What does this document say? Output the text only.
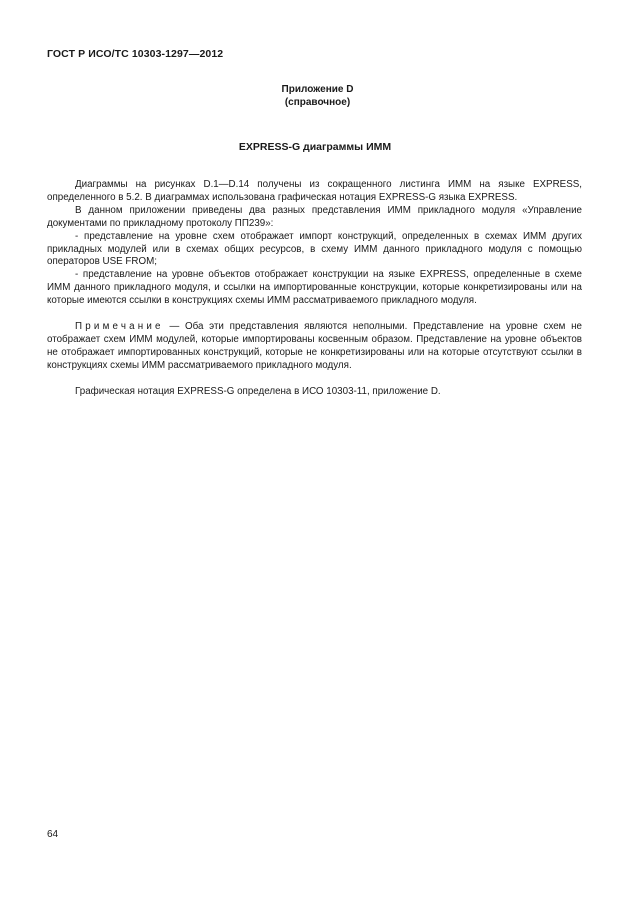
ГОСТ Р ИСО/ТС 10303-1297—2012
Приложение D
(справочное)
EXPRESS-G диаграммы ИММ

Диаграммы на рисунках D.1—D.14 получены из сокращенного листинга ИММ на языке EXPRESS, определенного в 5.2. В диаграммах использована графическая нотация EXPRESS-G языка EXPRESS.

В данном приложении приведены два разных представления ИММ прикладного модуля «Управление документами по прикладному протоколу ПП239»:

- представление на уровне схем отображает импорт конструкций, определенных в схемах ИММ других прикладных модулей или в схемах общих ресурсов, в схему ИММ данного прикладного модуля с помощью операторов USE FROM;

- представление на уровне объектов отображает конструкции на языке EXPRESS, определенные в схеме ИММ данного прикладного модуля, и ссылки на импортированные конструкции, которые конкретизированы или на которые имеются ссылки в конструкциях схемы ИММ рассматриваемого прикладного модуля.

Примечание — Оба эти представления являются неполными. Представление на уровне схем не отображает схем ИММ модулей, которые импортированы косвенным образом. Представление на уровне объектов не отображает импортированных конструкций, которые не конкретизированы или на которые отсутствуют ссылки в конструкциях схемы ИММ рассматриваемого прикладного модуля.

Графическая нотация EXPRESS-G определена в ИСО 10303-11, приложение D.

64
